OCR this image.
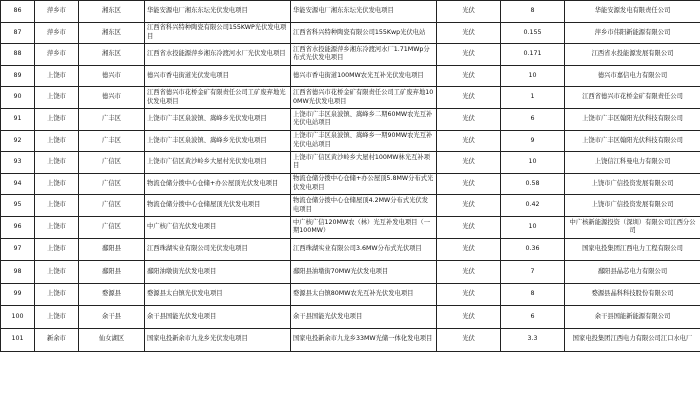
86	萍乡市	湘东区	华能安源电厂湘东东坛光伏发电项目	华能安源电厂湘东东坛光伏发电项目	光伏	8	华能安源发电有限责任公司
87	萍乡市	湘东区	江西省科兴特种陶瓷有限公司155KWP光伏发电项目	江西省科兴特种陶瓷有限公司155Kwp光伏电站	光伏	0.155	萍乡市伟阳新能源有限公司
88	萍乡市	湘东区	江西省水投能源萍乡湘东冷渡河水厂光伏发电项目	江西省水投能源萍乡湘东冷渡河水厂1.71MWp分布式光伏发电项目	光伏	0.171	江西省水投能源发展有限公司
89	上饶市	德兴市	德兴市香屯街道光伏发电项目	德兴市香屯街道100MW农光互补光伏发电项目	光伏	10	德兴市嘉信电力有限公司
90	上饶市	德兴市	江西省德兴市花桥金矿有限责任公司工矿废弃地光伏发电项目	江西省德兴市花桥金矿有限责任公司工矿废弃地100MW光伏发电项目	光伏	1	江西省德兴市花桥金矿有限责任公司
91	上饶市	广丰区	上饶市广丰区泉波镇、嵩峰乡光伏发电项目	上饶市广丰区泉波镇、嵩峰乡二期60MW农光互补光伏电站项目	光伏	6	上饶市广丰区翰阳光伏科技有限公司
92	上饶市	广丰区	上饶市广丰区泉波镇、嵩峰乡光伏发电项目	上饶市广丰区泉波镇、嵩峰乡一期90MW农光互补光伏电站项目	光伏	9	上饶市广丰区翰阳光伏科技有限公司
93	上饶市	广信区	上饶市广信区黄沙岭乡大屋村光伏发电项目	上饶市广信区黄沙岭乡大屋村100MW林光互补项目	光伏	10	上饶信江科曼电力有限公司
94	上饶市	广信区	物流仓储分拨中心仓储+办公屋顶光伏发电项目	物流仓储分拨中心仓储+办公屋顶5.8MW分布式光伏发电项目	光伏	0.58	上饶市广信投资发展有限公司
95	上饶市	广信区	物流仓储分拨中心仓储屋顶光伏发电项目	物流仓储分拨中心仓储屋顶4.2MW分布式光伏发电项目	光伏	0.42	上饶市广信投资发展有限公司
96	上饶市	广信区	中广核广信光伏发电项目	中广核广信120MW农（林）光互补发电项目（一期100MW）	光伏	10	中广核新能源投资（深圳）有限公司江西分公司
97	上饶市	鄱阳县	江西珠湖实业有限公司光伏发电项目	江西珠湖实业有限公司3.6MW分布式光伏项目	光伏	0.36	国家电投集团江西电力工程有限公司
98	上饶市	鄱阳县	鄱阳油墩街光伏发电项目	鄱阳县油墩街70MW光伏发电项目	光伏	7	鄱阳县晶芯电力有限公司
99	上饶市	婺源县	婺源县太白镇光伏发电项目	婺源县太白镇80MW农光互补光伏发电项目	光伏	8	婺源县晶科科技股份有限公司
100	上饶市	余干县	余干县国能光伏发电项目	余干县国能光伏发电项目	光伏	6	余干县国能新能源有限公司
101	新余市	仙女湖区	国家电投新余市九龙乡光伏发电项目	国家电投新余市九龙乡33MW光储一体化发电项目	光伏	3.3	国家电投集团江西电力有限公司江口水电厂
